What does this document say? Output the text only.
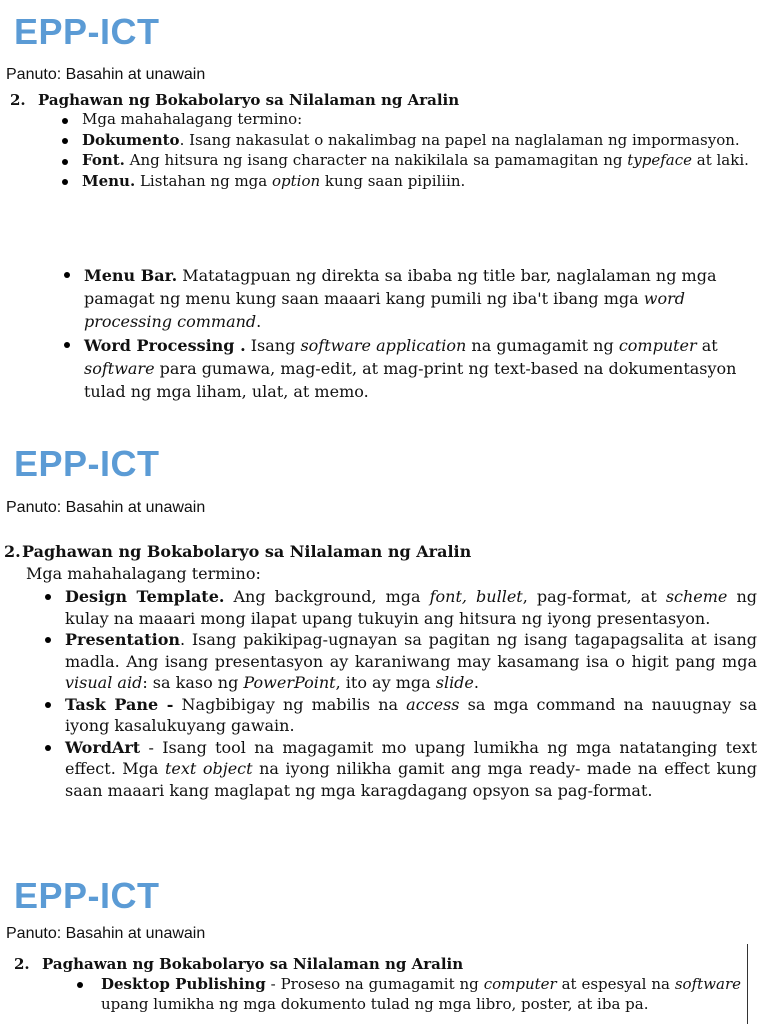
EPP-ICT
Panuto: Basahin at unawain
2. Paghawan ng Bokabolaryo sa Nilalaman ng Aralin
Mga mahahalagang termino:
Dokumento. Isang nakasulat o nakalimbag na papel na naglalaman ng impormasyon.
Font. Ang hitsura ng isang character na nakikilala sa pamamagitan ng typeface at laki.
Menu. Listahan ng mga option kung saan pipiliin.
Menu Bar. Matatagpuan ng direkta sa ibaba ng title bar, naglalaman ng mga pamagat ng menu kung saan maaari kang pumili ng iba't ibang mga word processing command.
Word Processing . Isang software application na gumagamit ng computer at software para gumawa, mag-edit, at mag-print ng text-based na dokumentasyon tulad ng mga liham, ulat, at memo.
EPP-ICT
Panuto: Basahin at unawain
2.Paghawan ng Bokabolaryo sa Nilalaman ng Aralin
Mga mahahalagang termino:
Design Template. Ang background, mga font, bullet, pag-format, at scheme ng kulay na maaari mong ilapat upang tukuyin ang hitsura ng iyong presentasyon.
Presentation. Isang pakikipag-ugnayan sa pagitan ng isang tagapagsalita at isang madla. Ang isang presentasyon ay karaniwang may kasamang isa o higit pang mga visual aid: sa kaso ng PowerPoint, ito ay mga slide.
Task Pane - Nagbibigay ng mabilis na access sa mga command na nauugnay sa iyong kasalukuyang gawain.
WordArt - Isang tool na magagamit mo upang lumikha ng mga natatanging text effect. Mga text object na iyong nilikha gamit ang mga ready- made na effect kung saan maaari kang maglapat ng mga karagdagang opsyon sa pag-format.
EPP-ICT
Panuto: Basahin at unawain
2. Paghawan ng Bokabolaryo sa Nilalaman ng Aralin
Desktop Publishing - Proseso na gumagamit ng computer at espesyal na software upang lumikha ng mga dokumento tulad ng mga libro, poster, at iba pa.
